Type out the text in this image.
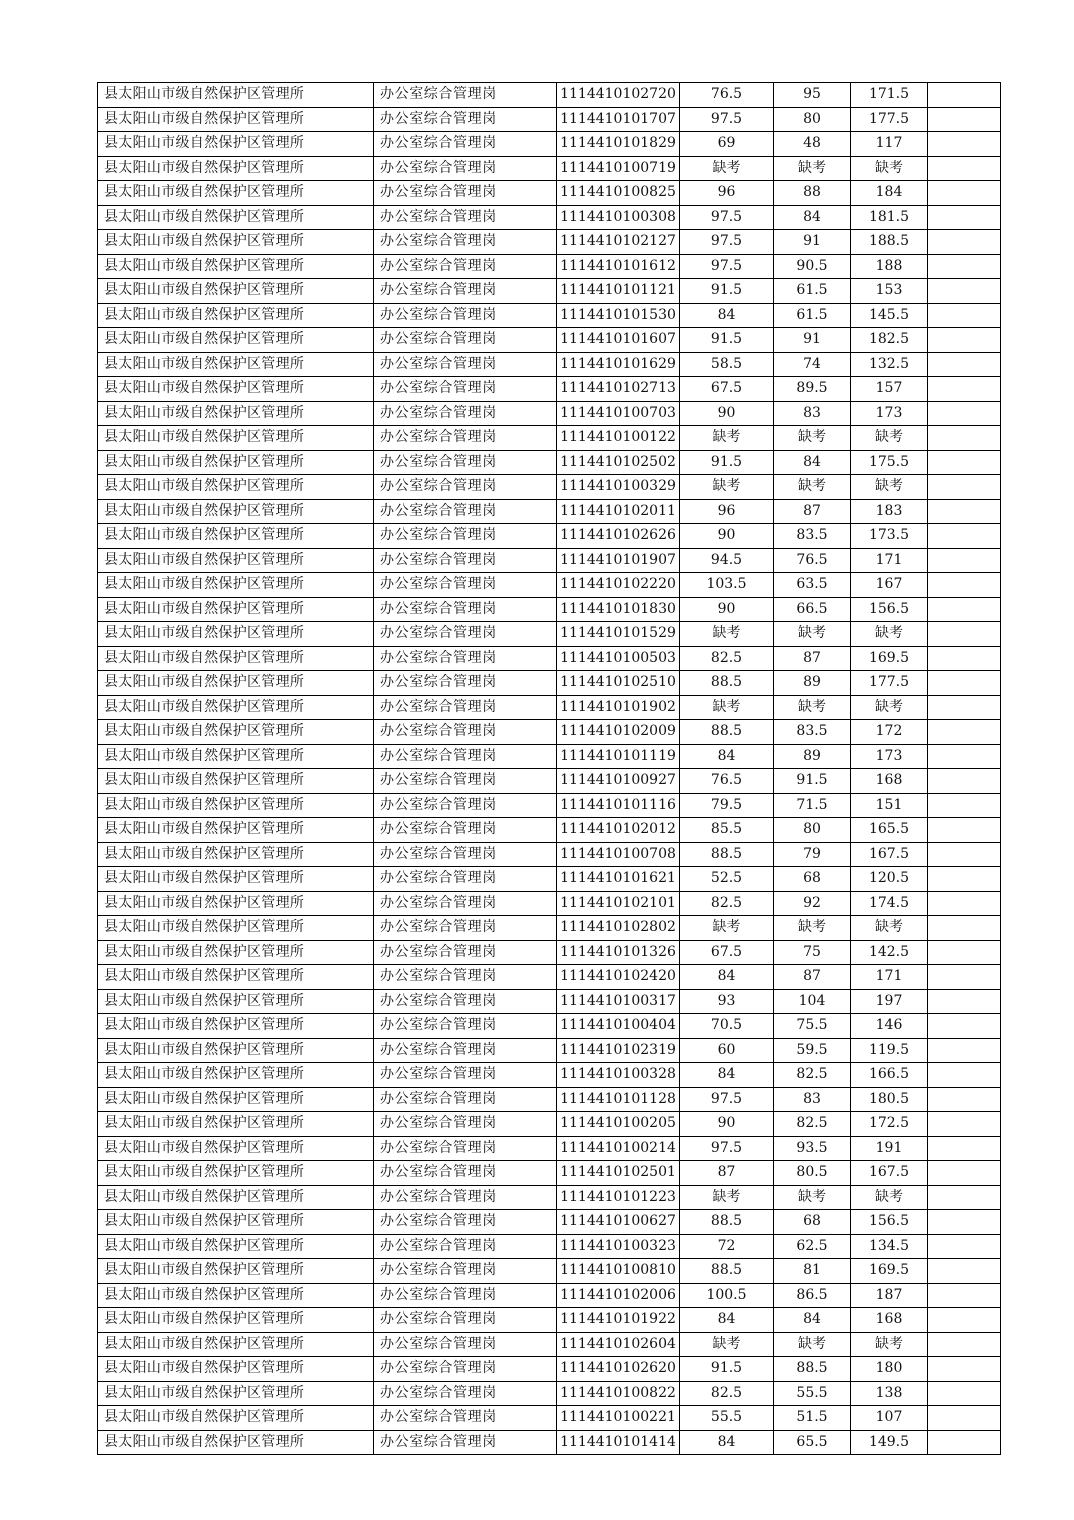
县太阳山市级自然保护区管理所	办公室综合管理岗	1114410102720	76.5	95	171.5	
县太阳山市级自然保护区管理所	办公室综合管理岗	1114410101707	97.5	80	177.5	
县太阳山市级自然保护区管理所	办公室综合管理岗	1114410101829	69	48	117	
县太阳山市级自然保护区管理所	办公室综合管理岗	1114410100719	缺考	缺考	缺考	
县太阳山市级自然保护区管理所	办公室综合管理岗	1114410100825	96	88	184	
县太阳山市级自然保护区管理所	办公室综合管理岗	1114410100308	97.5	84	181.5	
县太阳山市级自然保护区管理所	办公室综合管理岗	1114410102127	97.5	91	188.5	
县太阳山市级自然保护区管理所	办公室综合管理岗	1114410101612	97.5	90.5	188	
县太阳山市级自然保护区管理所	办公室综合管理岗	1114410101121	91.5	61.5	153	
县太阳山市级自然保护区管理所	办公室综合管理岗	1114410101530	84	61.5	145.5	
县太阳山市级自然保护区管理所	办公室综合管理岗	1114410101607	91.5	91	182.5	
县太阳山市级自然保护区管理所	办公室综合管理岗	1114410101629	58.5	74	132.5	
县太阳山市级自然保护区管理所	办公室综合管理岗	1114410102713	67.5	89.5	157	
县太阳山市级自然保护区管理所	办公室综合管理岗	1114410100703	90	83	173	
县太阳山市级自然保护区管理所	办公室综合管理岗	1114410100122	缺考	缺考	缺考	
县太阳山市级自然保护区管理所	办公室综合管理岗	1114410102502	91.5	84	175.5	
县太阳山市级自然保护区管理所	办公室综合管理岗	1114410100329	缺考	缺考	缺考	
县太阳山市级自然保护区管理所	办公室综合管理岗	1114410102011	96	87	183	
县太阳山市级自然保护区管理所	办公室综合管理岗	1114410102626	90	83.5	173.5	
县太阳山市级自然保护区管理所	办公室综合管理岗	1114410101907	94.5	76.5	171	
县太阳山市级自然保护区管理所	办公室综合管理岗	1114410102220	103.5	63.5	167	
县太阳山市级自然保护区管理所	办公室综合管理岗	1114410101830	90	66.5	156.5	
县太阳山市级自然保护区管理所	办公室综合管理岗	1114410101529	缺考	缺考	缺考	
县太阳山市级自然保护区管理所	办公室综合管理岗	1114410100503	82.5	87	169.5	
县太阳山市级自然保护区管理所	办公室综合管理岗	1114410102510	88.5	89	177.5	
县太阳山市级自然保护区管理所	办公室综合管理岗	1114410101902	缺考	缺考	缺考	
县太阳山市级自然保护区管理所	办公室综合管理岗	1114410102009	88.5	83.5	172	
县太阳山市级自然保护区管理所	办公室综合管理岗	1114410101119	84	89	173	
县太阳山市级自然保护区管理所	办公室综合管理岗	1114410100927	76.5	91.5	168	
县太阳山市级自然保护区管理所	办公室综合管理岗	1114410101116	79.5	71.5	151	
县太阳山市级自然保护区管理所	办公室综合管理岗	1114410102012	85.5	80	165.5	
县太阳山市级自然保护区管理所	办公室综合管理岗	1114410100708	88.5	79	167.5	
县太阳山市级自然保护区管理所	办公室综合管理岗	1114410101621	52.5	68	120.5	
县太阳山市级自然保护区管理所	办公室综合管理岗	1114410102101	82.5	92	174.5	
县太阳山市级自然保护区管理所	办公室综合管理岗	1114410102802	缺考	缺考	缺考	
县太阳山市级自然保护区管理所	办公室综合管理岗	1114410101326	67.5	75	142.5	
县太阳山市级自然保护区管理所	办公室综合管理岗	1114410102420	84	87	171	
县太阳山市级自然保护区管理所	办公室综合管理岗	1114410100317	93	104	197	
县太阳山市级自然保护区管理所	办公室综合管理岗	1114410100404	70.5	75.5	146	
县太阳山市级自然保护区管理所	办公室综合管理岗	1114410102319	60	59.5	119.5	
县太阳山市级自然保护区管理所	办公室综合管理岗	1114410100328	84	82.5	166.5	
县太阳山市级自然保护区管理所	办公室综合管理岗	1114410101128	97.5	83	180.5	
县太阳山市级自然保护区管理所	办公室综合管理岗	1114410100205	90	82.5	172.5	
县太阳山市级自然保护区管理所	办公室综合管理岗	1114410100214	97.5	93.5	191	
县太阳山市级自然保护区管理所	办公室综合管理岗	1114410102501	87	80.5	167.5	
县太阳山市级自然保护区管理所	办公室综合管理岗	1114410101223	缺考	缺考	缺考	
县太阳山市级自然保护区管理所	办公室综合管理岗	1114410100627	88.5	68	156.5	
县太阳山市级自然保护区管理所	办公室综合管理岗	1114410100323	72	62.5	134.5	
县太阳山市级自然保护区管理所	办公室综合管理岗	1114410100810	88.5	81	169.5	
县太阳山市级自然保护区管理所	办公室综合管理岗	1114410102006	100.5	86.5	187	
县太阳山市级自然保护区管理所	办公室综合管理岗	1114410101922	84	84	168	
县太阳山市级自然保护区管理所	办公室综合管理岗	1114410102604	缺考	缺考	缺考	
县太阳山市级自然保护区管理所	办公室综合管理岗	1114410102620	91.5	88.5	180	
县太阳山市级自然保护区管理所	办公室综合管理岗	1114410100822	82.5	55.5	138	
县太阳山市级自然保护区管理所	办公室综合管理岗	1114410100221	55.5	51.5	107	
县太阳山市级自然保护区管理所	办公室综合管理岗	1114410101414	84	65.5	149.5	
